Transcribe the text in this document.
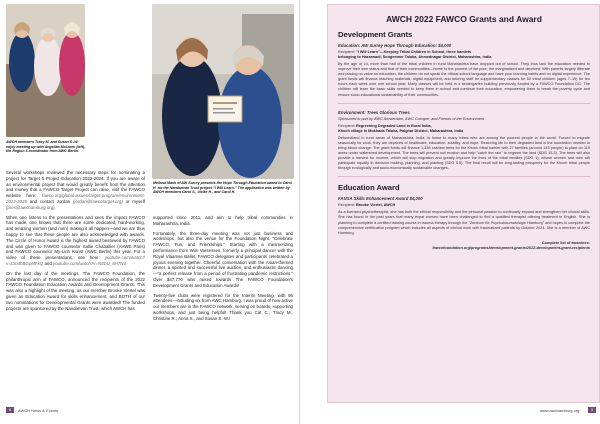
AWCH members Tracy M. and Susan S.-W. enjoy meeting up with Angelika McLaren (left), the Region 6 coordinator from AWC Berlin.
Melissa Mash of AW Surrey presents the Hope Through Education award to Carol H. for the Nandanvan Trust project "I Will Learn." The application was written by AWCH members Carol S., Ulrike H., and Carol H.

Several workshops reviewed the necessary steps for nominating a project for Target 5 Project Education 2022-2024. If you are aware of an environmental project that would greatly benefit from the attention and money that a FAWCO Target Project can raise, visit the FAWCO website here: fawco.org/global-issues/target-program/environment-2022-2025 and contact Jordan (jordan@fawcotarget.org) or myself (pres@awchamburg.org).

When one listens to the presentations and sees the impact FAWCO has made, one knows that there are some dedicated, hard-working, and amazing women (and men) making it all happen—and we are thus happy to see that these people are also acknowledged with awards. The Circle of Honor Award is the highest award bestowed by FAWCO and was given to FAWCO counselor Sallie Chaballier (AAWE Paris) and FAWCO counselor My-Linh Kunst (AWC Berlin) this year. For a video of these presentations, see here: youtube.com/watch?v=CmdhBGpMFkQ and youtube.com/watch?v=NEbU_8H7N4.

On the last day of the meetings, The FAWCO Foundation, the philanthropic arm of FAWCO, announced the recipients of the 2022 FAWCO Foundation Education Awards and Development Grants. This was also a highlight of the meeting, as our member Brooke Viertel was given an Education Award for skills enhancement, and BOTH of our two nominations for Developmental Grants were awarded! The funded projects are sponsored by the Nandanvan Trust, which AWCH has

supported since 2011, and aim to help tribal communities in Maharashtra, India.

Fortunately, the three-day meeting was not just business and workshops, but also the venue for the Foundation Night, "Celebrate FAWCO, Fun, and Friendships." Starting with a mesmerizing performance from Wim Vantessen, formerly a principal dancer with the Royal Vlaamse Ballet, FAWCO delegates and participants celebrated a joyous evening together. Cheerful conversation with the Asian-themed dinner, a spirited and successful live auction, and enthusiastic dancing—"a perfect release from a period of frustrating pandemic restrictions." Over $47,770 was raised towards The FAWCO Foundation's Development Grants and Education Awards!

Twenty-five clubs were registered for the Interim Meeting, with 96 attendees—including six from AWC Hamburg. I was proud of how active our members are in the FAWCO network, serving on boards, supporting workshops, and just being helpful! Thank you Cat C., Tracy M., Christine R., Anna S., and Susan S.-W.!

8	AWCH News & Events
AWCH 2022 FAWCO Grants and Award
Development Grants
Education: AW Surrey Hope Through Education: $4,000

Recipient: "I Will Learn"—Keeping Tribal Children in School, three hamlets

belonging to Hazarwadi, Songemner Taluka, Ahmednagar District, Maharashtra, India

By the age of 14, more than half of the tribal children in rural Maharashtra have dropped out of school. They thus lack the education needed to improve their own status and that of their communities—home to the poorest of the poor, the marginalized and deprived. With parents largely illiterate and placing no value on education, the children do not speak the official school language and have poor learning habits and no digital experience. The grant funds will finance teaching materials, digital equipment, and tutoring staff for supplementary classes for 60 tribal children (ages 7–15) for ten hours each week over one school year. Many classes will be held in a kindergarten building previously funded by a FAWCO Foundation DG. The children will learn the basic skills needed to keep them in school and continue their education, empowering them to break the poverty cycle and ensure socio-educational sustainability of their communities.

Environment: Trees Glorious Trees

Sponsored in part by AWC Amsterdam, AWC Cologne, and Friends of the Environment

Recipient: Regreening Degraded Land in Rural India,

Khoch village in Mokhada Taluka, Palghar District, Maharashtra, India

Deforestland in rural areas of Maharashtra, India, is home to many tribes who are among the poorest people in the world. Forced to migrate seasonally for work, they are deprived of healthcare, education, stability, and hope. Restoring life to their degraded land is the foundation needed to bring about change. The grant funds will finance 1,336 cashew trees for the Khoch tribal hamlet with 27 families (around 145 people) to plant on 119 acres under watershed development. The trees will prevent soil erosion and help "catch the rain" to regreen the land (SDG 15.3). The trees will also provide a harvest for income, which will stop migration and greatly improve the lives of the tribal families (SDG 1), whose women and men will participate equally in decision making, planning, and planting (SDG 5.5). The final result will be long-lasting prosperity for the Khoch tribal people through ecologically and socio-economically sustainable changes.

Education Award
FAUSA Skills Enhancement Award $4,000

Recipient: Brooke Viertel, AWCH

As a licensed psychotherapist, she has both the ethical responsibility and the personal passion to continually expand and strengthen her clinical skills. She has found in the past years that many expat women have been challenged to find a qualified therapist offering treatment in English. She is planning to complete a certified training course in trauma therapy through the "Zentrum für Psychotraumatologie Hamburg" and hopes to complete the comprehensive certification program which includes all aspects of clinical work with traumatized patients by October 2024. She is a member of AWC Hamburg.

Complete list of awardees:

fawcofoundation.org/programs/development-grants/2022-development-grant-recipients

www.awchamburg.org	9
